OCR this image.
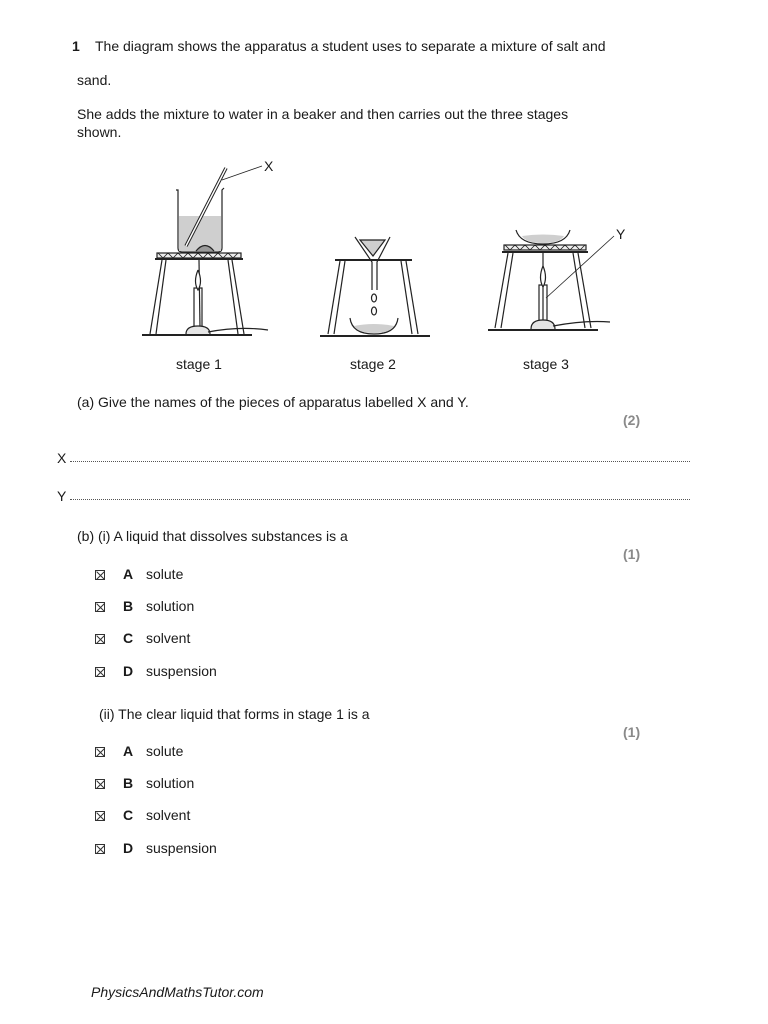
1 The diagram shows the apparatus a student uses to separate a mixture of salt and
sand.
She adds the mixture to water in a beaker and then carries out the three stages
shown.
X
Y
stage 1	stage 2	stage 3
(a) Give the names of the pieces of apparatus labelled X and Y.
(2)
X
Y
(b) (i) A liquid that dissolves substances is a
(1)
A solute
B solution
C solvent
D suspension
(ii) The clear liquid that forms in stage 1 is a
(1)
A solute
B solution
C solvent
D suspension
PhysicsAndMathsTutor.com
